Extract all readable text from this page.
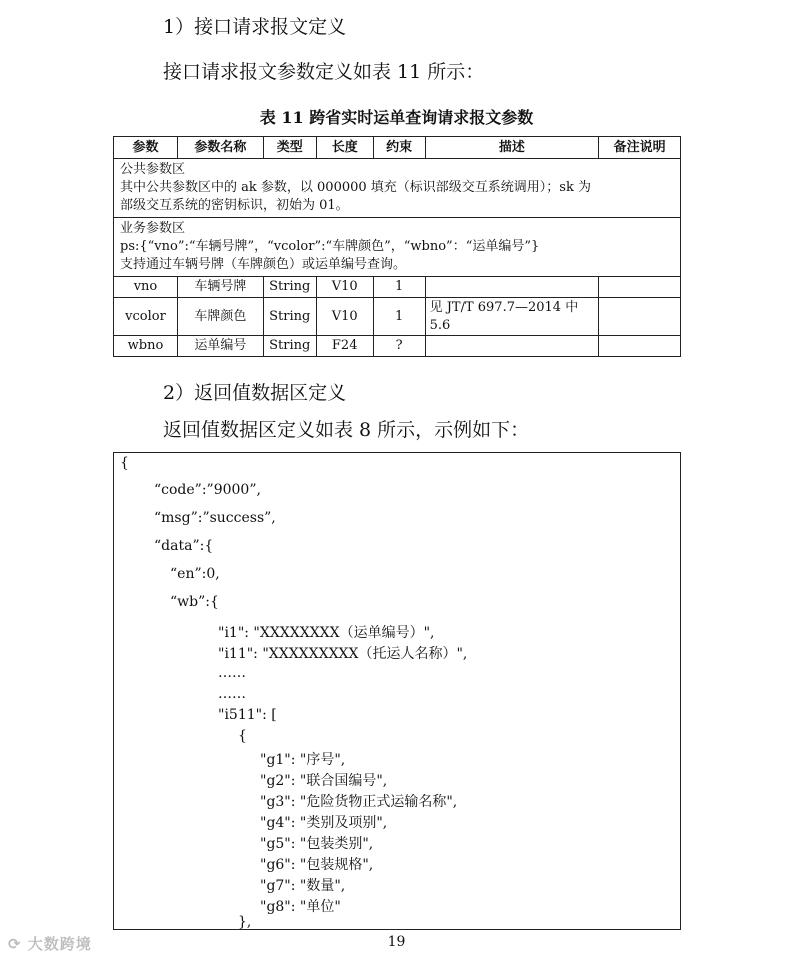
1）接口请求报文定义
接口请求报文参数定义如表 11 所示：
表 11 跨省实时运单查询请求报文参数
参数	参数名称	类型	长度	约束	描述	备注说明

公共参数区
其中公共参数区中的 ak 参数，以 000000 填充（标识部级交互系统调用）；sk 为
部级交互系统的密钥标识，初始为 01。						

业务参数区
ps:{“vno”:“车辆号牌”，“vcolor”:“车牌颜色”，“wbno”：“运单编号”}
支持通过车辆号牌（车牌颜色）或运单编号查询。						

vno	车辆号牌	String	V10	1		
vcolor	车牌颜色	String	V10	1	见 JT/T 697.7—2014 中 5.6	
wbno	运单编号	String	F24	?		
2）返回值数据区定义
返回值数据区定义如表 8 所示，示例如下：
{
“code”:”9000”,
“msg”:”success”,
“data”:{
“en”:0,
“wb”:{
"i1": "XXXXXXXX（运单编号）",
"i11": "XXXXXXXXX（托运人名称）",
……
……
"i511": [
{
"g1": "序号",
"g2": "联合国编号",
"g3": "危险货物正式运输名称",
"g4": "类别及项别",
"g5": "包装类别",
"g6": "包装规格",
"g7": "数量",
"g8": "单位"
},
⟳ 大数跨境	19
